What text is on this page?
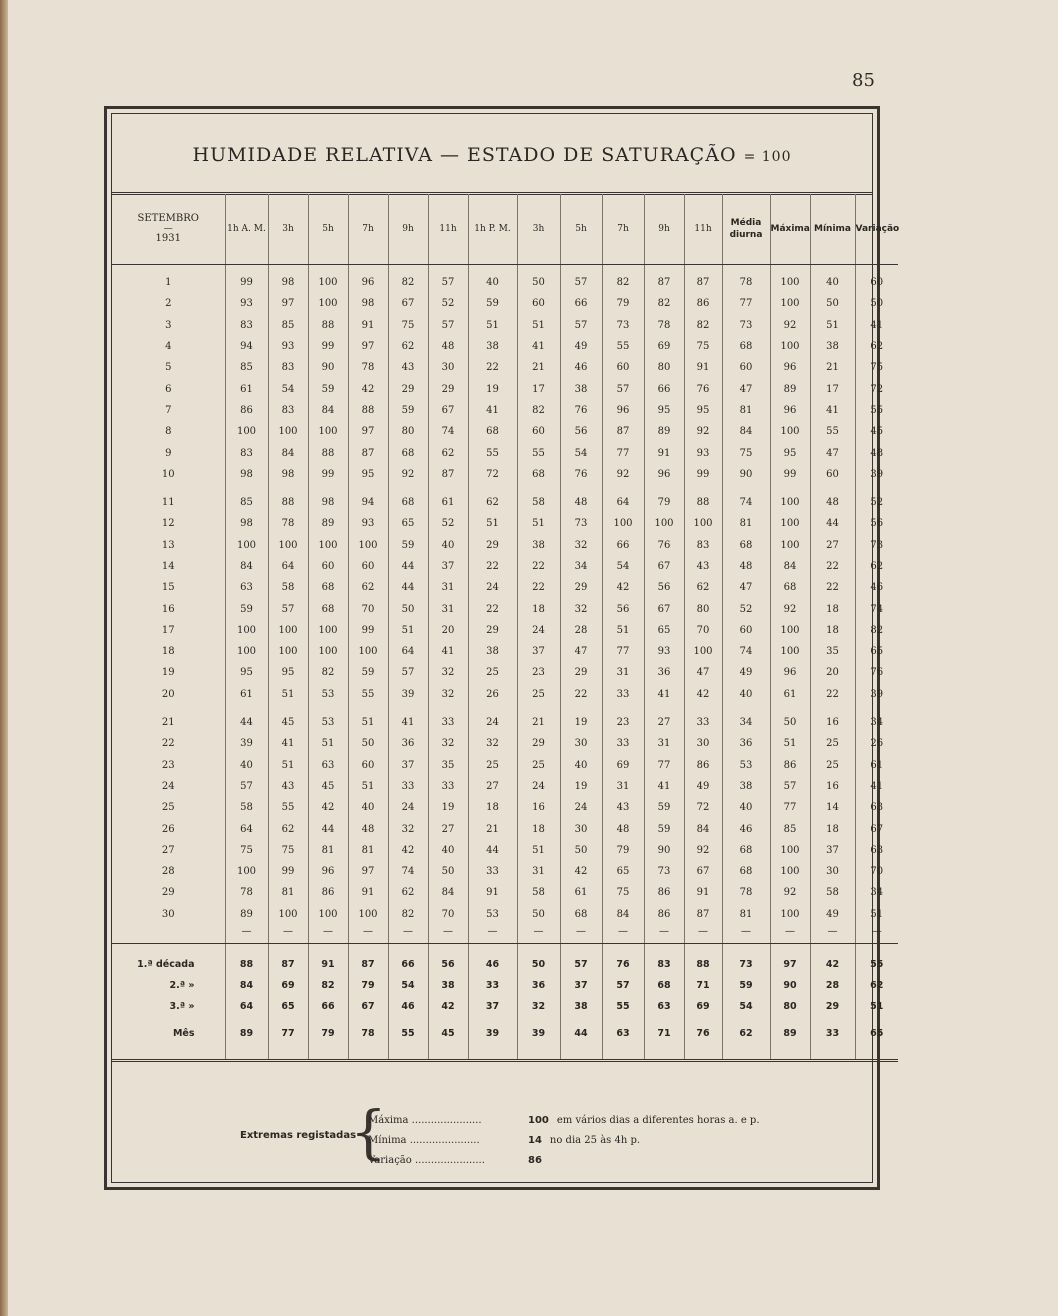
85
HUMIDADE RELATIVA — ESTADO DE SATURAÇÃO = 100
SETEMBRO
—
1931	1h A. M.	3h	5h	7h	9h	11h	1h P. M.	3h	5h	7h	9h	11h	Média diurna	Máxima	Mínima	Variação

1	99	98	100	96	82	57	40	50	57	82	87	87	78	100	40	60
2	93	97	100	98	67	52	59	60	66	79	82	86	77	100	50	50
3	83	85	88	91	75	57	51	51	57	73	78	82	73	92	51	41
4	94	93	99	97	62	48	38	41	49	55	69	75	68	100	38	62
5	85	83	90	78	43	30	22	21	46	60	80	91	60	96	21	75
6	61	54	59	42	29	29	19	17	38	57	66	76	47	89	17	72
7	86	83	84	88	59	67	41	82	76	96	95	95	81	96	41	55
8	100	100	100	97	80	74	68	60	56	87	89	92	84	100	55	45
9	83	84	88	87	68	62	55	55	54	77	91	93	75	95	47	48
10	98	98	99	95	92	87	72	68	76	92	96	99	90	99	60	39

11	85	88	98	94	68	61	62	58	48	64	79	88	74	100	48	52
12	98	78	89	93	65	52	51	51	73	100	100	100	81	100	44	56
13	100	100	100	100	59	40	29	38	32	66	76	83	68	100	27	73
14	84	64	60	60	44	37	22	22	34	54	67	43	48	84	22	62
15	63	58	68	62	44	31	24	22	29	42	56	62	47	68	22	46
16	59	57	68	70	50	31	22	18	32	56	67	80	52	92	18	74
17	100	100	100	99	51	20	29	24	28	51	65	70	60	100	18	82
18	100	100	100	100	64	41	38	37	47	77	93	100	74	100	35	65
19	95	95	82	59	57	32	25	23	29	31	36	47	49	96	20	76
20	61	51	53	55	39	32	26	25	22	33	41	42	40	61	22	39

21	44	45	53	51	41	33	24	21	19	23	27	33	34	50	16	34
22	39	41	51	50	36	32	32	29	30	33	31	30	36	51	25	26
23	40	51	63	60	37	35	25	25	40	69	77	86	53	86	25	61
24	57	43	45	51	33	33	27	24	19	31	41	49	38	57	16	41
25	58	55	42	40	24	19	18	16	24	43	59	72	40	77	14	63
26	64	62	44	48	32	27	21	18	30	48	59	84	46	85	18	67
27	75	75	81	81	42	40	44	51	50	79	90	92	68	100	37	63
28	100	99	96	97	74	50	33	31	42	65	73	67	68	100	30	70
29	78	81	86	91	62	84	91	58	61	75	86	91	78	92	58	34
30	89	100	100	100	82	70	53	50	68	84	86	87	81	100	49	51
	—	—	—	—	—	—	—	—	—	—	—	—	—	—	—	—

1.ª década	88	87	91	87	66	56	46	50	57	76	83	88	73	97	42	55
2.ª »	84	69	82	79	54	38	33	36	37	57	68	71	59	90	28	62
3.ª »	64	65	66	67	46	42	37	32	38	55	63	69	54	80	29	51
Mês	89	77	79	78	55	45	39	39	44	63	71	76	62	89	33	65

Extremas registadas
{
Máxima ......................	100 em vários dias a diferentes horas a. e p.
Mínima ......................	14 no dia 25 às 4h p.
Variação ......................	86
